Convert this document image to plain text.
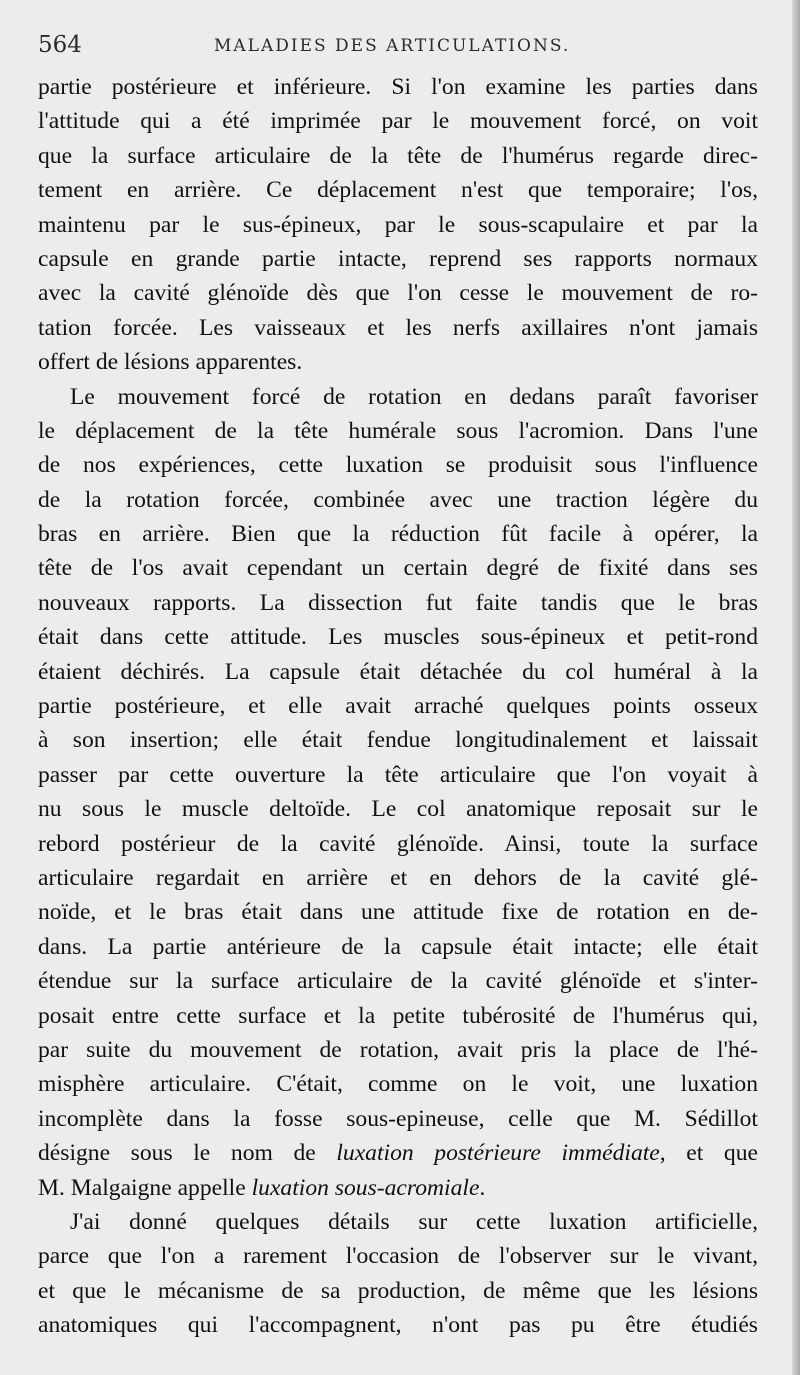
564	MALADIES DES ARTICULATIONS.
partie postérieure et inférieure. Si l'on examine les parties dans
l'attitude qui a été imprimée par le mouvement forcé, on voit
que la surface articulaire de la tête de l'humérus regarde direc-
tement en arrière. Ce déplacement n'est que temporaire; l'os,
maintenu par le sus-épineux, par le sous-scapulaire et par la
capsule en grande partie intacte, reprend ses rapports normaux
avec la cavité glénoïde dès que l'on cesse le mouvement de ro-
tation forcée. Les vaisseaux et les nerfs axillaires n'ont jamais
offert de lésions apparentes.
Le mouvement forcé de rotation en dedans paraît favoriser
le déplacement de la tête humérale sous l'acromion. Dans l'une
de nos expériences, cette luxation se produisit sous l'influence
de la rotation forcée, combinée avec une traction légère du
bras en arrière. Bien que la réduction fût facile à opérer, la
tête de l'os avait cependant un certain degré de fixité dans ses
nouveaux rapports. La dissection fut faite tandis que le bras
était dans cette attitude. Les muscles sous-épineux et petit-rond
étaient déchirés. La capsule était détachée du col huméral à la
partie postérieure, et elle avait arraché quelques points osseux
à son insertion; elle était fendue longitudinalement et laissait
passer par cette ouverture la tête articulaire que l'on voyait à
nu sous le muscle deltoïde. Le col anatomique reposait sur le
rebord postérieur de la cavité glénoïde. Ainsi, toute la surface
articulaire regardait en arrière et en dehors de la cavité glé-
noïde, et le bras était dans une attitude fixe de rotation en de-
dans. La partie antérieure de la capsule était intacte; elle était
étendue sur la surface articulaire de la cavité glénoïde et s'inter-
posait entre cette surface et la petite tubérosité de l'humérus qui,
par suite du mouvement de rotation, avait pris la place de l'hé-
misphère articulaire. C'était, comme on le voit, une luxation
incomplète dans la fosse sous-epineuse, celle que M. Sédillot
désigne sous le nom de luxation postérieure immédiate, et que
M. Malgaigne appelle luxation sous-acromiale.
J'ai donné quelques détails sur cette luxation artificielle,
parce que l'on a rarement l'occasion de l'observer sur le vivant,
et que le mécanisme de sa production, de même que les lésions
anatomiques qui l'accompagnent, n'ont pas pu être étudiés
